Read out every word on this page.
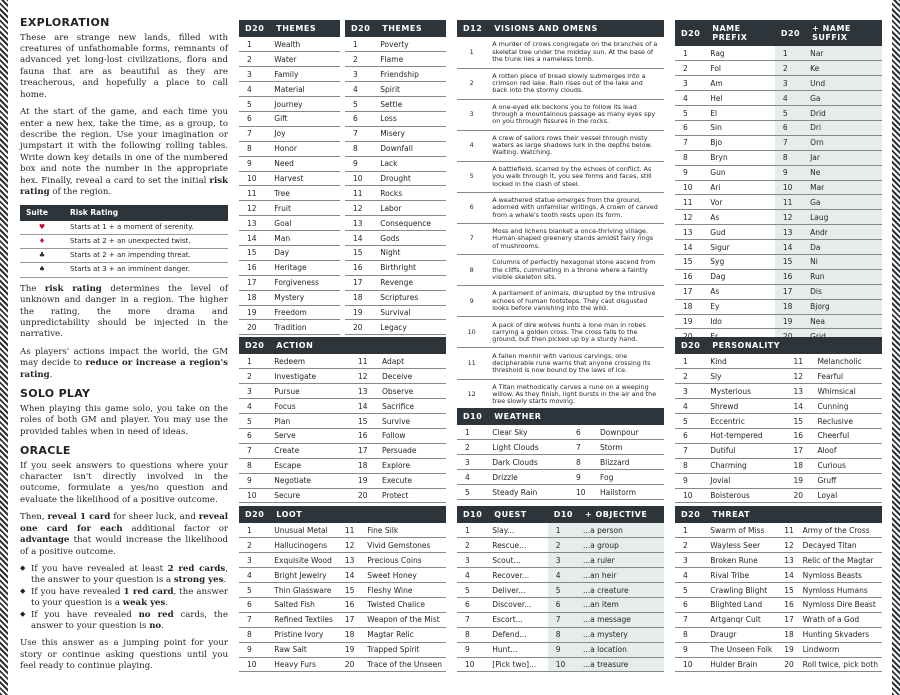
EXPLORATION

These are strange new lands, filled with creatures of unfathomable forms, remnants of advanced yet long-lost civilizations, flora and fauna that are as beautiful as they are treacherous, and hopefully a place to call home.

At the start of the game, and each time you enter a new hex, take the time, as a group, to describe the region. Use your imagination or jumpstart it with the following rolling tables. Write down key details in one of the numbered box and note the number in the appropriate hex. Finally, reveal a card to set the initial risk rating of the region.

Suite	Risk Rating
♥	Starts at 1 + a moment of serenity.
♦	Starts at 2 + an unexpected twist.
♣	Starts at 2 + an impending threat.
♠	Starts at 3 + an imminent danger.

The risk rating determines the level of unknown and danger in a region. The higher the rating, the more drama and unpredictability should be injected in the narrative.

As players' actions impact the world, the GM may decide to reduce or increase a region's rating.

SOLO PLAY

When playing this game solo, you take on the roles of both GM and player. You may use the provided tables when in need of ideas.

ORACLE

If you seek answers to questions where your character isn't directly involved in the outcome, formulate a yes/no question and evaluate the likelihood of a positive outcome.

Then, reveal 1 card for sheer luck, and reveal one card for each additional factor or advantage that would increase the likelihood of a positive outcome.

◆ If you have revealed at least 2 red cards, the answer to your question is a strong yes.
◆ If you have revealed 1 red card, the answer to your question is a weak yes.
◆ If you have revealed no red cards, the answer to your question is no.

Use this answer as a jumping point for your story or continue asking questions until you feel ready to continue playing.

D20	THEMES
1	Wealth
2	Water
3	Family
4	Material
5	Journey
6	Gift
7	Joy
8	Honor
9	Need
10	Harvest
11	Tree
12	Fruit
13	Goal
14	Man
15	Day
16	Heritage
17	Forgiveness
18	Mystery
19	Freedom
20	Tradition
D20	THEMES
1	Poverty
2	Flame
3	Friendship
4	Spirit
5	Settle
6	Loss
7	Misery
8	Downfall
9	Lack
10	Drought
11	Rocks
12	Labor
13	Consequence
14	Gods
15	Night
16	Birthright
17	Revenge
18	Scriptures
19	Survival
20	Legacy
D20	ACTION		
1	Redeem	11	Adapt
2	Investigate	12	Deceive
3	Pursue	13	Observe
4	Focus	14	Sacrifice
5	Plan	15	Survive
6	Serve	16	Follow
7	Create	17	Persuade
8	Escape	18	Explore
9	Negotiate	19	Execute
10	Secure	20	Protect
D20	LOOT		
1	Unusual Metal	11	Fine Silk
2	Hallucinogens	12	Vivid Gemstones
3	Exquisite Wood	13	Precious Coins
4	Bright Jewelry	14	Sweet Honey
5	Thin Glassware	15	Fleshy Wine
6	Salted Fish	16	Twisted Chalice
7	Refined Textiles	17	Weapon of the Mist
8	Pristine Ivory	18	Magtar Relic
9	Raw Salt	19	Trapped Spirit
10	Heavy Furs	20	Trace of the Unseen
D12	VISIONS AND OMENS
1	A murder of crows congregate on the branches of a skeletal tree under the midday sun. At the base of the trunk lies a nameless tomb.
2	A rotten piece of bread slowly submerges into a crimson red lake. Rain rises out of the lake and back into the stormy clouds.
3	A one-eyed elk beckons you to follow its lead through a mountainous passage as many eyes spy on you through fissures in the rocks.
4	A crew of sailors rows their vessel through misty waters as large shadows lurk in the depths below. Waiting. Watching.
5	A battlefield, scarred by the echoes of conflict. As you walk through it, you see forms and faces, still locked in the clash of steel.
6	A weathered statue emerges from the ground, adorned with unfamiliar writings. A crown of carved from a whale's tooth rests upon its form.
7	Moss and lichens blanket a once-thriving village. Human-shaped greenery stands amidst fairy rings of mushrooms.
8	Columns of perfectly hexagonal stone ascend from the cliffs, culminating in a throne where a faintly visible skeleton sits.
9	A parliament of animals, disrupted by the intrusive echoes of human footsteps. They cast disgusted looks before vanishing into the wild.
10	A pack of dire wolves hunts a lone man in robes carrying a golden cross. The cross falls to the ground, but then picked up by a sturdy hand.
11	A fallen menhir with various carvings, one decipherable rune warns that anyone crossing its threshold is now bound by the laws of ice.
12	A Titan methodically carves a rune on a weeping willow. As they finish, light bursts in the air and the tree slowly starts moving.
D10	WEATHER		
1	Clear Sky	6	Downpour
2	Light Clouds	7	Storm
3	Dark Clouds	8	Blizzard
4	Drizzle	9	Fog
5	Steady Rain	10	Hailstorm
D10	QUEST	D10	+ OBJECTIVE
1	Slay...	1	...a person
2	Rescue...	2	...a group
3	Scout...	3	...a ruler
4	Recover...	4	...an heir
5	Deliver...	5	...a creature
6	Discover...	6	...an item
7	Escort...	7	...a message
8	Defend...	8	...a mystery
9	Hunt...	9	...a location
10	[Pick two]...	10	...a treasure
D20	NAME PREFIX	D20	+ NAME SUFFIX
1	Rag	1	Nar
2	Fol	2	Ke
3	Am	3	Und
4	Hel	4	Ga
5	El	5	Drid
6	Sin	6	Dri
7	Bjo	7	Orn
8	Bryn	8	Jar
9	Gun	9	Ne
10	Ari	10	Mar
11	Vor	11	Ga
12	As	12	Laug
13	Gud	13	Andr
14	Sigur	14	Da
15	Syg	15	Ni
16	Dag	16	Run
17	As	17	Dis
18	Ey	18	Bjorg
19	Ido	19	Nea

D20	PERSONALITY		
1	Kind	11	Melancholic
2	Sly	12	Fearful
3	Mysterious	13	Whimsical
4	Shrewd	14	Cunning
5	Eccentric	15	Reclusive
6	Hot-tempered	16	Cheerful
7	Dutiful	17	Aloof
8	Charming	18	Curious
9	Jovial	19	Gruff
10	Boisterous	20	Loyal
D20	THREAT		
1	Swarm of Miss	11	Army of the Cross
2	Wayless Seer	12	Decayed Titan
3	Broken Rune	13	Relic of the Magtar
4	Rival Tribe	14	Nymloss Beasts
5	Crawling Blight	15	Nymloss Humans
6	Blighted Land	16	Nymloss Dire Beast
7	Artganqr Cult	17	Wrath of a God
8	Draugr	18	Hunting Skvaders
9	The Unseen Folk	19	Lindworm
10	Hulder Brain	20	Roll twice, pick both
